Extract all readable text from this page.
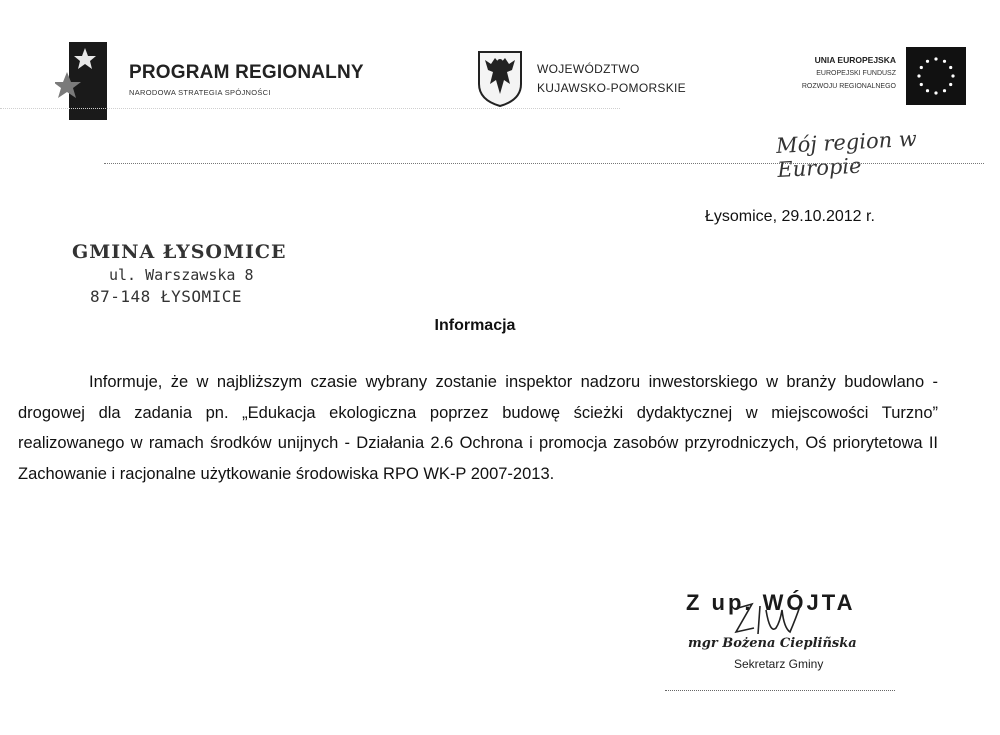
PROGRAM REGIONALNY
NARODOWA STRATEGIA SPÓJNOŚCI
WOJEWÓDZTWO
KUJAWSKO-POMORSKIE
UNIA EUROPEJSKA
EUROPEJSKI FUNDUSZ
ROZWOJU REGIONALNEGO
Mój region w Europie
Łysomice, 29.10.2012 r.
GMINA ŁYSOMICE
ul. Warszawska 8
87-148 ŁYSOMICE
Informacja
Informuje, że w najbliższym czasie wybrany zostanie inspektor nadzoru inwestorskiego w branży budowlano - drogowej dla zadania pn. „Edukacja ekologiczna poprzez budowę ścieżki dydaktycznej w miejscowości Turzno” realizowanego w ramach środków unijnych - Działania 2.6 Ochrona i promocja zasobów przyrodniczych, Oś priorytetowa II Zachowanie i racjonalne użytkowanie środowiska RPO WK-P 2007-2013.
Z up. WÓJTA
mgr Bożena Ciepliñska
Sekretarz Gminy
